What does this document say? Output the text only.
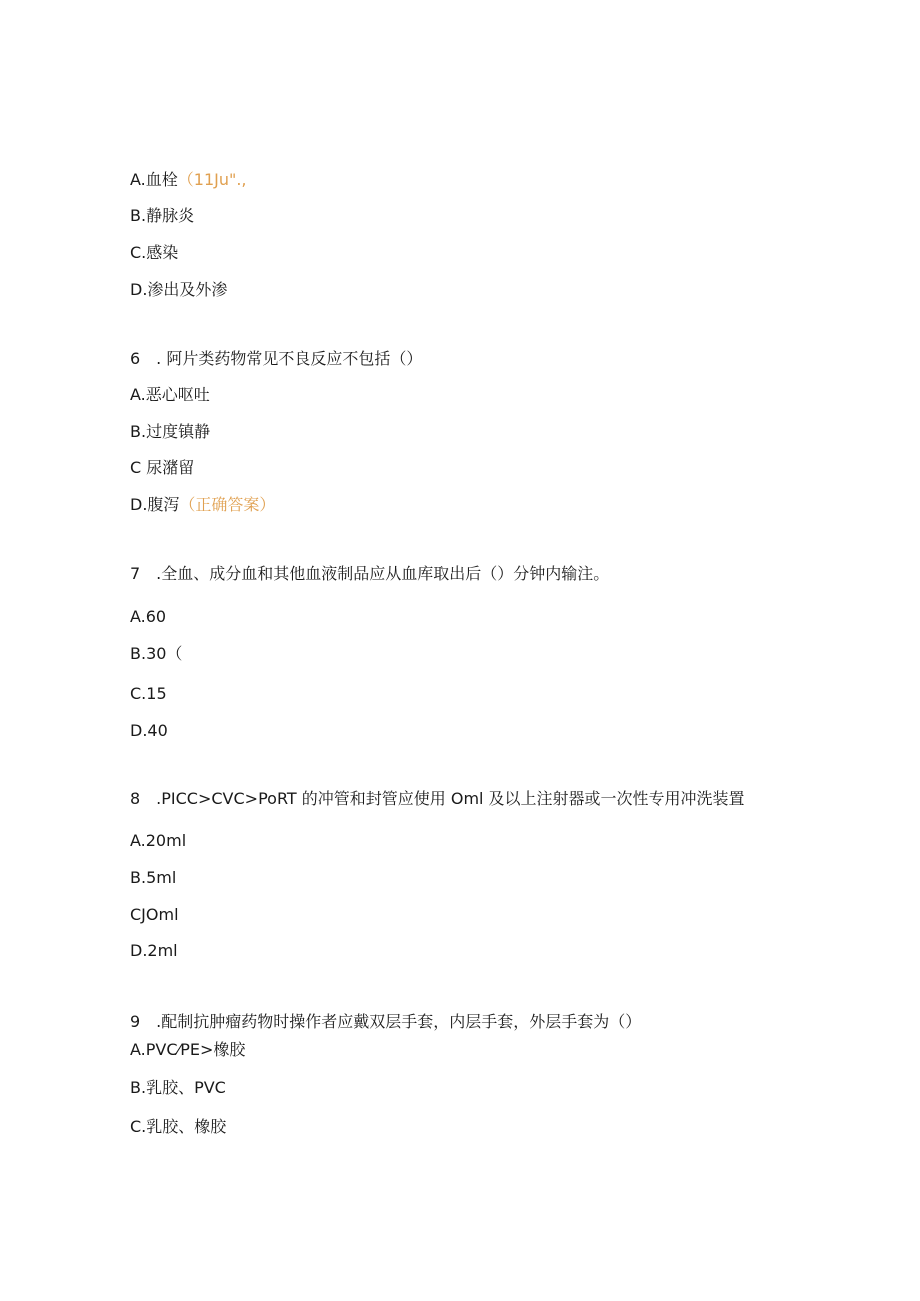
A.血栓（11Ju".,
B.静脉炎
C.感染
D.渗出及外渗
6　. 阿片类药物常见不良反应不包括（）
A.恶心呕吐
B.过度镇静
C 尿潴留
D.腹泻（正确答案）
7　.全血、成分血和其他血液制品应从血库取出后（）分钟内输注。
A.60
B.30（
C.15
D.40
8　.PICC>CVC>PoRT 的冲管和封管应使用 Oml 及以上注射器或一次性专用冲洗装置
A.20ml
B.5ml
CJOml
D.2ml
9　.配制抗肿瘤药物时操作者应戴双层手套，内层手套，外层手套为（）
A.PVC⁄PE>橡胶
B.乳胶、PVC
C.乳胶、橡胶
